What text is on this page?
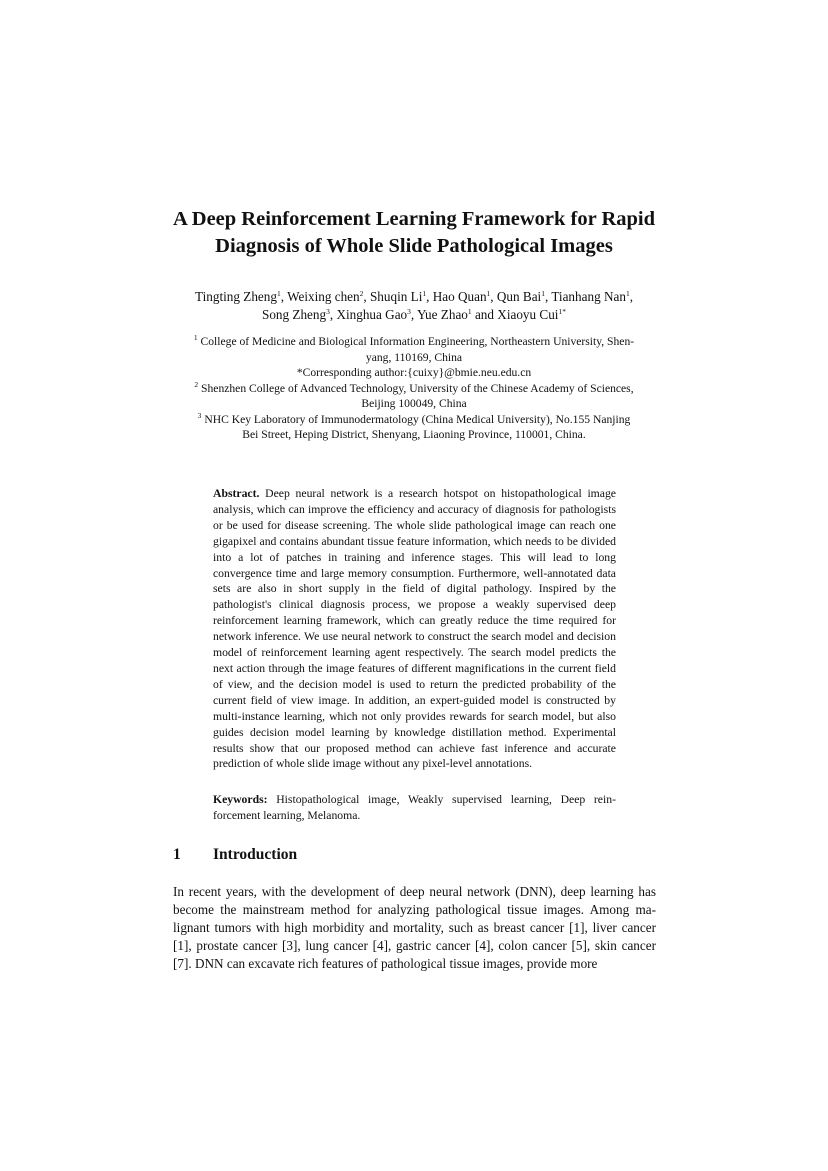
A Deep Reinforcement Learning Framework for Rapid
Diagnosis of Whole Slide Pathological Images

Tingting Zheng$^1$, Weixing chen$^2$, Shuqin Li$^1$, Hao Quan$^1$, Qun Bai$^1$, Tianhang Nan$^1$,
Song Zheng$^3$, Xinghua Gao$^3$, Yue Zhao$^1$ and Xiaoyu Cui$^{1*}$

$^1$ College of Medicine and Biological Information Engineering, Northeastern University, Shen-

yang, 110169, China

*Corresponding author:{cuixy}@bmie.neu.edu.cn

$^2$ Shenzhen College of Advanced Technology, University of the Chinese Academy of Sciences,

Beijing 100049, China

$^3$ NHC Key Laboratory of Immunodermatology (China Medical University), No.155 Nanjing

Bei Street, Heping District, Shenyang, Liaoning Province, 110001, China.

Abstract. Deep neural network is a research hotspot on histopathological image analysis, which can improve the efficiency and accuracy of diagnosis for pathologists or be used for disease screening. The whole slide pathological image can reach one gigapixel and contains abundant tissue feature information, which needs to be divided into a lot of patches in training and inference stages. This will lead to long convergence time and large memory consumption. Furthermore, well-annotated data sets are also in short supply in the field of digital pathology. Inspired by the pathologist's clinical diagnosis process, we propose a weakly supervised deep reinforcement learning framework, which can greatly reduce the time required for network inference. We use neural network to construct the search model and decision model of reinforcement learning agent respectively. The search model predicts the next action through the image features of different magnifications in the current field of view, and the decision model is used to return the predicted probability of the current field of view image. In addition, an expert-guided model is constructed by multi-instance learning, which not only provides rewards for search model, but also guides decision model learning by knowledge distillation method. Experimental results show that our proposed method can achieve fast inference and accurate prediction of whole slide image without any pixel-level annotations.

Keywords: Histopathological image, Weakly supervised learning, Deep reinforcement learning, Melanoma.

1 Introduction

In recent years, with the development of deep neural network (DNN), deep learning has become the mainstream method for analyzing pathological tissue images. Among malignant tumors with high morbidity and mortality, such as breast cancer [1], liver cancer [1], prostate cancer [3], lung cancer [4], gastric cancer [4], colon cancer [5], skin cancer [7]. DNN can excavate rich features of pathological tissue images, provide more
